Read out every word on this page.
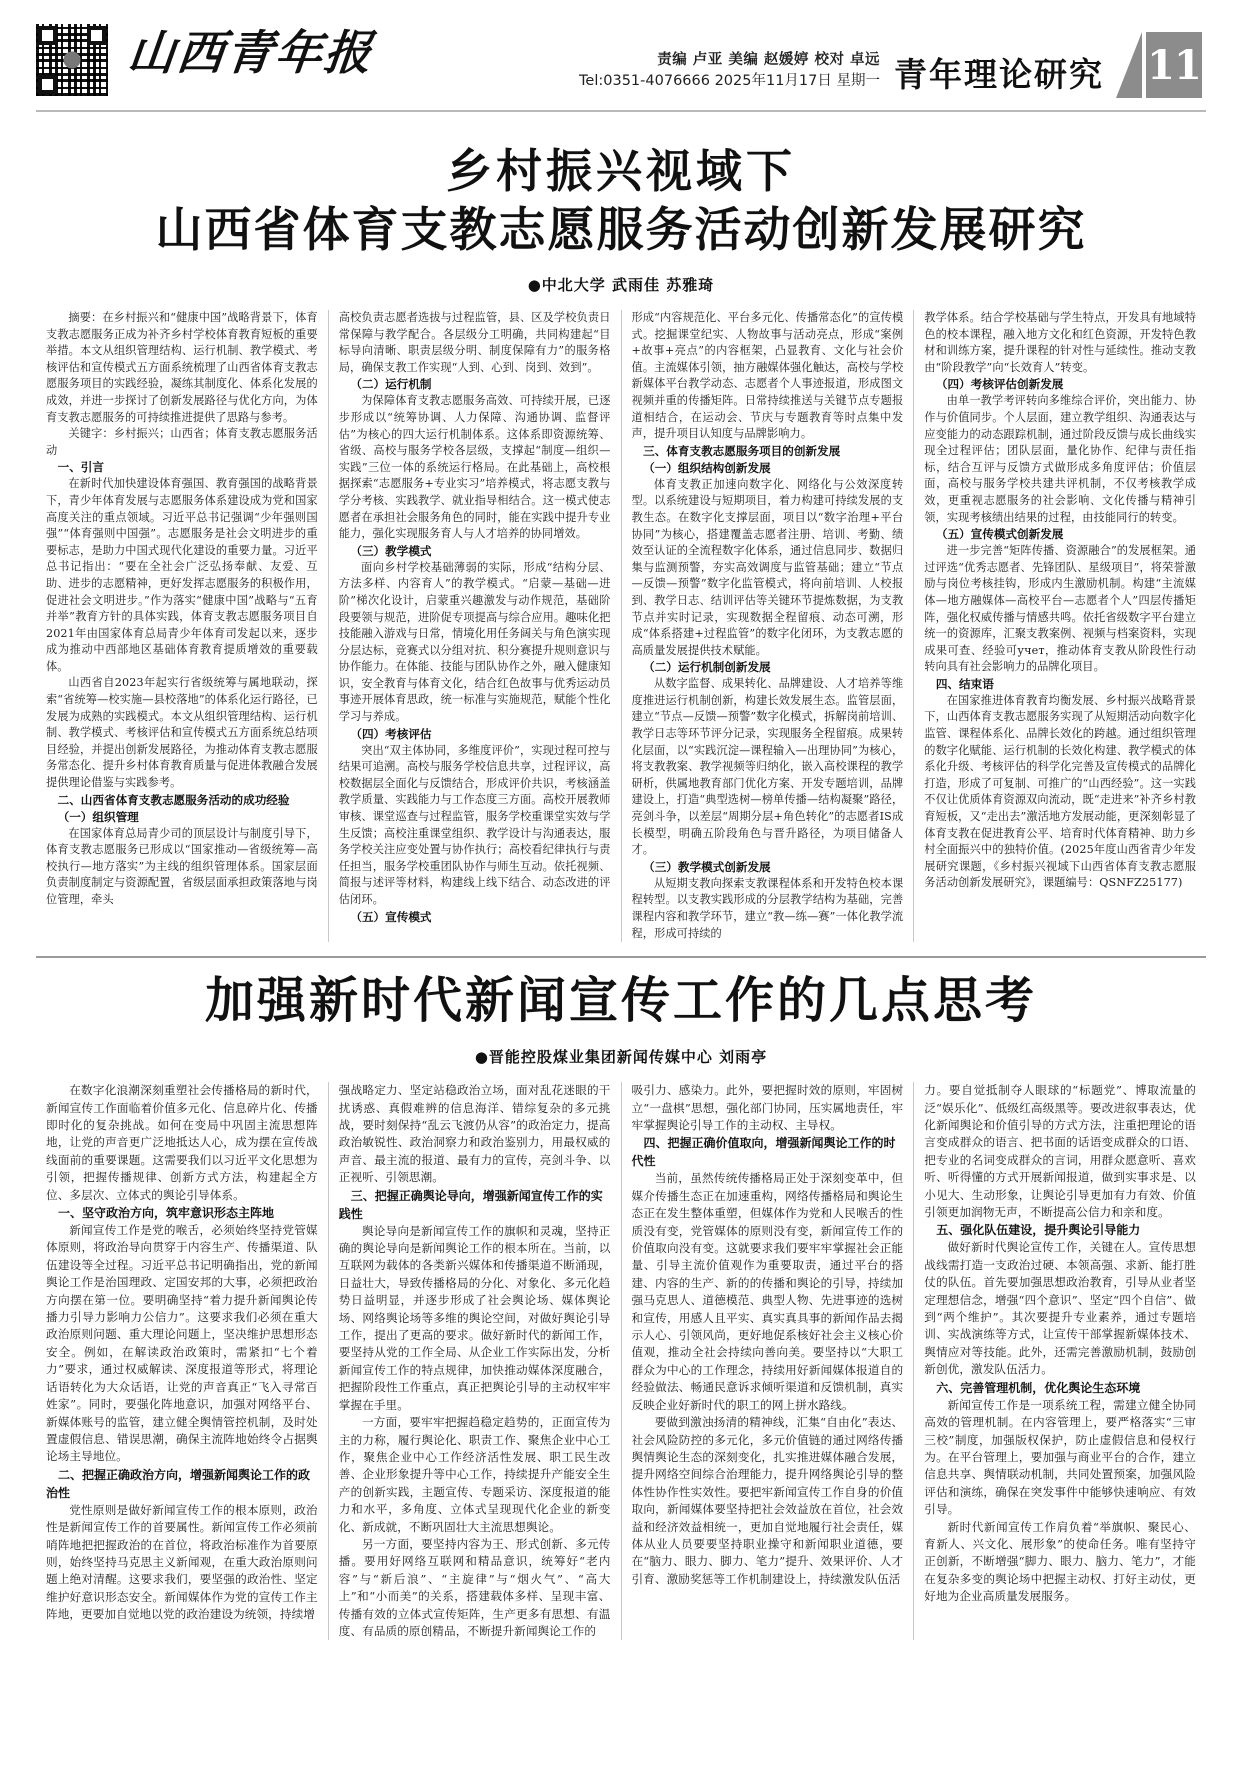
山西青年报	责编 卢亚 美编 赵媛婷 校对 卓远
Tel:0351-4076666 2025年11月17日 星期一 青年理论研究 11
乡村振兴视域下
山西省体育支教志愿服务活动创新发展研究
●中北大学 武雨佳 苏雅琦

摘要：在乡村振兴和“健康中国”战略背景下，体育支教志愿服务正成为补齐乡村学校体育教育短板的重要举措。本文从组织管理结构、运行机制、教学模式、考核评估和宣传模式五方面系统梳理了山西省体育支教志愿服务项目的实践经验，凝练其制度化、体系化发展的成效，并进一步探讨了创新发展路径与优化方向，为体育支教志愿服务的可持续推进提供了思路与参考。

关键字：乡村振兴；山西省；体育支教志愿服务活动

一、引言

在新时代加快建设体育强国、教育强国的战略背景下，青少年体育发展与志愿服务体系建设成为党和国家高度关注的重点领域。习近平总书记强调“少年强则国强”“体育强则中国强”。志愿服务是社会文明进步的重要标志，是助力中国式现代化建设的重要力量。习近平总书记指出：“要在全社会广泛弘扬奉献、友爱、互助、进步的志愿精神，更好发挥志愿服务的积极作用，促进社会文明进步。”作为落实“健康中国”战略与“五育并举”教育方针的具体实践，体育支教志愿服务项目自2021年由国家体育总局青少年体育司发起以来，逐步成为推动中西部地区基础体育教育提质增效的重要载体。

山西省自2023年起实行省级统筹与属地联动，探索“省统筹—校实施—县校落地”的体系化运行路径，已发展为成熟的实践模式。本文从组织管理结构、运行机制、教学模式、考核评估和宣传模式五方面系统总结项目经验，并提出创新发展路径，为推动体育支教志愿服务常态化、提升乡村体育教育质量与促进体教融合发展提供理论借鉴与实践参考。

二、山西省体育支教志愿服务活动的成功经验
（一）组织管理

在国家体育总局青少司的顶层设计与制度引导下，体育支教志愿服务已形成以“国家推动—省级统筹—高校执行—地方落实”为主线的组织管理体系。国家层面负责制度制定与资源配置，省级层面承担政策落地与岗位管理，牵头

高校负责志愿者选拔与过程监管，县、区及学校负责日常保障与教学配合。各层级分工明确，共同构建起“目标导向清晰、职责层级分明、制度保障有力”的服务格局，确保支教工作实现“人到、心到、岗到、效到”。

（二）运行机制

为保障体育支教志愿服务高效、可持续开展，已逐步形成以“统筹协调、人力保障、沟通协调、监督评估”为核心的四大运行机制体系。这体系即资源统筹、省级、高校与服务学校各层级，支撑起“制度—组织—实践”三位一体的系统运行格局。在此基础上，高校根据探索“志愿服务+专业实习”培养模式，将志愿支教与学分考核、实践教学、就业指导相结合。这一模式使志愿者在承担社会服务角色的同时，能在实践中提升专业能力，强化实现服务育人与人才培养的协同增效。

（三）教学模式

面向乡村学校基础薄弱的实际，形成“结构分层、方法多样、内容育人”的教学模式。“启蒙—基础—进阶”梯次化设计，启蒙重兴趣激发与动作规范，基础阶段要领与规范，进阶促专项提高与综合应用。趣味化把技能融入游戏与日常，情境化用任务阔关与角色演实现分层达标，竞赛式以分组对抗、积分赛提升规则意识与协作能力。在体能、技能与团队协作之外，融入健康知识，安全教育与体育文化，结合红色故事与优秀运动员事迹开展体育思政，统一标准与实施规范，赋能个性化学习与养成。

（四）考核评估

突出“双主体协同，多维度评价”，实现过程可控与结果可追溯。高校与服务学校信息共享，过程评议，高校数据层全面化与反馈结合，形成评价共识，考核涵盖教学质量、实践能力与工作态度三方面。高校开展教师审核、课堂巡查与过程监管，服务学校重课堂实效与学生反馈；高校注重课堂组织、教学设计与沟通表达，服务学校关注应变处置与协作执行；高校看纪律执行与责任担当，服务学校重团队协作与师生互动。依托视频、简报与述评等材料，构建线上线下结合、动态改进的评估闭环。

（五）宣传模式

形成“内容规范化、平台多元化、传播常态化”的宣传模式。挖掘课堂纪实、人物故事与活动亮点，形成“案例+故事+亮点”的内容框架，凸显教育、文化与社会价值。主流媒体引领，抽方融媒体强化触达，高校与学校新媒体平台教学动态、志愿者个人事迹报道，形成图文视频并重的传播矩阵。日常持续推送与关键节点专题报道相结合，在运动会、节庆与专题教育等时点集中发声，提升项目认知度与品牌影响力。

三、体育支教志愿服务项目的创新发展
（一）组织结构创新发展

体育支教正加速向数字化、网络化与公效深度转型。以系统建设与短期项目，着力构建可持续发展的支教生态。在数字化支撑层面，项目以“数字治理+平台协同”为核心，搭建覆盖志愿者注册、培训、考勤、绩效至认证的全流程数字化体系，通过信息同步、数据归集与监测预警，夯实高效调度与监管基础；建立“节点—反馈—预警”数字化监管模式，将向前培训、人校报到、教学日志、结训评估等关键环节提炼数据，为支教节点并实时记录，实现数据全程留痕、动态可溯，形成“体系搭建+过程监管”的数字化闭环，为支教志愿的高质量发展提供技术赋能。

（二）运行机制创新发展

从数字监督、成果转化、品牌建设、人才培养等维度推进运行机制创新，构建长效发展生态。监管层面，建立“节点—反馈—预警”数字化模式，拆解岗前培训、教学日志等环节评分记录，实现服务全程留痕。成果转化层面，以“实践沉淀—课程输入—出理协同”为核心，将支教教案、教学视频等归纳化，嵌入高校课程的教学研析，供属地教育部门优化方案、开发专题培训，品牌建设上，打造“典型选树—榜单传播—结构凝聚”路径，亮剑斗争，以差层“周期分层+角色转化”的志愿者IS成长模型，明确五阶段角色与晋升路径，为项目储备人才。

（三）教学模式创新发展

从短期支教向探索支教课程体系和开发特色校本课程转型。以支教实践形成的分层教学结构为基础，完善课程内容和教学环节，建立“教—练—赛”一体化教学流程，形成可持续的

教学体系。结合学校基础与学生特点，开发具有地域特色的校本课程，融入地方文化和红色资源，开发特色教材和训练方案，提升课程的针对性与延续性。推动支教由“阶段教学”向“长效育人”转变。

（四）考核评估创新发展

由单一教学考评转向多维综合评价，突出能力、协作与价值同步。个人层面，建立教学组织、沟通表达与应变能力的动态跟踪机制，通过阶段反馈与成长曲线实现全过程评估；团队层面，量化协作、纪律与责任指标，结合互评与反馈方式做形成多角度评估；价值层面，高校与服务学校共建共评机制，不仅考核教学成效，更重视志愿服务的社会影响、文化传播与精神引领，实现考核绩出结果的过程，由技能同行的转变。

（五）宣传模式创新发展

进一步完善“矩阵传播、资源融合”的发展框架。通过评选“优秀志愿者、先锋团队、星级项目”，将荣誉激励与岗位考核挂钩，形成内生激励机制。构建“主流媒体—地方融媒体—高校平台—志愿者个人”四层传播矩阵，强化权威传播与情感共鸣。依托省级数字平台建立统一的资源库，汇聚支教案例、视频与档案资料，实现成果可查、经验可учет，推动体育支教从阶段性行动转向具有社会影响力的品牌化项目。

四、结束语

在国家推进体育教育均衡发展、乡村振兴战略背景下，山西体育支教志愿服务实现了从短期活动向数字化监管、课程体系化、品牌长效化的跨越。通过组织管理的数字化赋能、运行机制的长效化构建、教学模式的体系化升级、考核评估的科学化完善及宣传模式的品牌化打造，形成了可复制、可推广的“山西经验”。这一实践不仅让优质体育资源双向流动，既“走进来”补齐乡村教育短板，又“走出去”激活地方发展动能，更深刻彰显了体育支教在促进教育公平、培育时代体育精神、助力乡村全面振兴中的独特价值。(2025年度山西省青少年发展研究课题，《乡村振兴视域下山西省体育支教志愿服务活动创新发展研究》，课题编号：QSNFZ25177)

加强新时代新闻宣传工作的几点思考
●晋能控股煤业集团新闻传媒中心 刘雨亭

在数字化浪潮深刻重塑社会传播格局的新时代，新闻宣传工作面临着价值多元化、信息碎片化、传播即时化的复杂挑战。如何在变局中巩固主流思想阵地，让党的声音更广泛地抵达人心，成为摆在宣传战线面前的重要课题。这需要我们以习近平文化思想为引领，把握传播规律、创新方式方法，构建起全方位、多层次、立体式的舆论引导体系。

一、坚守政治方向，筑牢意识形态主阵地

新闻宣传工作是党的喉舌，必须始终坚持党管媒体原则，将政治导向贯穿于内容生产、传播渠道、队伍建设等全过程。习近平总书记明确指出，党的新闻舆论工作是治国理政、定国安邦的大事，必须把政治方向摆在第一位。要明确坚持“着力提升新闻舆论传播力引导力影响力公信力”。这要求我们必须在重大政治原则问题、重大理论问题上，坚决维护思想形态安全。例如，在解读政治政策时，需紧扣“七个着力”要求，通过权威解读、深度报道等形式，将理论话语转化为大众话语，让党的声音真正“飞入寻常百姓家”。同时，要强化阵地意识，加强对网络平台、新媒体账号的监管，建立健全舆情管控机制，及时处置虚假信息、错误思潮，确保主流阵地始终令占据舆论场主导地位。

二、把握正确政治方向，增强新闻舆论工作的政治性

党性原则是做好新闻宣传工作的根本原则，政治性是新闻宣传工作的首要属性。新闻宣传工作必须前哨阵地把把握政治的在首位，将政治标准作为首要原则，始终坚持马克思主义新闻观，在重大政治原则问题上绝对清醒。这要求我们，要坚强的政治性、坚定维护好意识形态安全。新闻媒体作为党的宣传工作主阵地，更要加自觉地以党的政治建设为统领，持续增

强战略定力、坚定站稳政治立场，面对乱花迷眼的干扰诱惑、真假难辨的信息海洋、错综复杂的多元挑战，要时刻保持“乱云飞渡仍从容”的政治定力，提高政治敏锐性、政治洞察力和政治鉴别力，用最权威的声音、最主流的报道、最有力的宣传，亮剑斗争、以正视听、引领思潮。

三、把握正确舆论导向，增强新闻宣传工作的实践性

舆论导向是新闻宣传工作的旗帜和灵魂，坚持正确的舆论导向是新闻舆论工作的根本所在。当前，以互联网为载体的各类新兴媒体和传播渠道不断涌现，日益壮大，导致传播格局的分化、对象化、多元化趋势日益明显，并逐步形成了社会舆论场、媒体舆论场、网络舆论场等多维的舆论空间，对做好舆论引导工作，提出了更高的要求。做好新时代的新闻工作，要坚持从党的工作全局、从企业工作实际出发，分析新闻宣传工作的特点规律，加快推动媒体深度融合，把握阶段性工作重点，真正把舆论引导的主动权牢牢掌握在手里。

一方面，要牢牢把握趋稳定趋势的，正面宣传为主的力称，履行舆论化、职责工作、聚焦企业中心工作，聚焦企业中心工作经济活性发展、职工民生改善、企业形象提升等中心工作，持续提升产能安全生产的创新实践，主题宣传、专题采访、深度报道的能力和水平，多角度、立体式呈现现代化企业的新变化、新成就，不断巩固壮大主流思想舆论。

另一方面，要坚持内容为王、形式创新、多元传播。要用好网络互联网和精品意识，统筹好“老内容”与“新后浪”、“主旋律”与“烟火气”、“高大上”和“小而美”的关系，搭建载体多样、呈现丰富、传播有效的立体式宣传矩阵，生产更多有思想、有温度、有品质的原创精品，不断提升新闻舆论工作的

吸引力、感染力。此外，要把握时效的原则，牢固树立“一盘棋”思想，强化部门协同，压实属地责任，牢牢掌握舆论引导工作的主动权、主导权。

四、把握正确价值取向，增强新闻舆论工作的时代性

当前，虽然传统传播格局正处于深刻变革中，但媒介传播生态正在加速重构，网络传播格局和舆论生态正在发生整体重塑，但媒体作为党和人民喉舌的性质没有变，党管媒体的原则没有变，新闻宣传工作的价值取向没有变。这就要求我们要牢牢掌握社会正能量、引导主流价值观作为重要取责，通过平台的搭建、内容的生产、新的的传播和舆论的引导，持续加强马克思人、道德模范、典型人物、先进事迹的选树和宣传，用感人且平实、真实真具事的新闻作品去揭示人心、引领风尚，更好地促系核好社会主义核心价值观，推动全社会持续向善向美。要坚持以“大职工群众为中心的工作理念，持续用好新闻媒体报道自的经验做法、畅通民意诉求倾听渠道和反馈机制，真实反映企业好新时代的职工的网上拼水路线。

要做到激浊扬清的精神线，汇集“自由化”表达、社会风险防控的多元化，多元价值链的通过网络传播舆情舆论生态的深刻变化，扎实推进媒体融合发展，提升网络空间综合治理能力，提升网络舆论引导的整体性协作性实效性。要把牢新闻宣传工作自身的价值取向，新闻媒体要坚持把社会效益放在首位，社会效益和经济效益相统一，更加自觉地履行社会责任，媒体从业人员要要坚持职业操守和新闻职业道德，要在“脑力、眼力、脚力、笔力”提升、效果评价、人才引育、激励奖惩等工作机制建设上，持续激发队伍活

力。要自觉抵制夺人眼球的“标题党”、博取流量的泛“娱乐化”、低级红高级黑等。要改进叙事表达，优化新闻舆论和价值引导的方式方法，注重把理论的语言变成群众的语言、把书面的话语变成群众的口语、把专业的名词变成群众的言词，用群众愿意听、喜欢听、听得懂的方式开展新闻报道，做到实事求是、以小见大、生动形象，让舆论引导更加有力有效、价值引领更加润物无声，不断提高公信力和亲和度。

五、强化队伍建设，提升舆论引导能力

做好新时代舆论宣传工作，关键在人。宣传思想战线需打造一支政治过硬、本领高强、求新、能打胜仗的队伍。首先要加强思想政治教育，引导从业者坚定理想信念，增强“四个意识”、坚定“四个自信”、做到“两个维护”。其次要提升专业素养，通过专题培训、实战演练等方式，让宣传干部掌握新媒体技术、舆情应对等技能。此外，还需完善激励机制，鼓励创新创优，激发队伍活力。

六、完善管理机制，优化舆论生态环境

新闻宣传工作是一项系统工程，需建立健全协同高效的管理机制。在内容管理上，要严格落实“三审三校”制度，加强版权保护，防止虚假信息和侵权行为。在平台管理上，要加强与商业平台的合作，建立信息共享、舆情联动机制，共同处置预案，加强风险评估和演练，确保在突发事件中能够快速响应、有效引导。

新时代新闻宣传工作肩负着“举旗帜、聚民心、育新人、兴文化、展形象”的使命任务。唯有坚持守正创新，不断增强“脚力、眼力、脑力、笔力”，才能在复杂多变的舆论场中把握主动权、打好主动仗，更好地为企业高质量发展服务。
